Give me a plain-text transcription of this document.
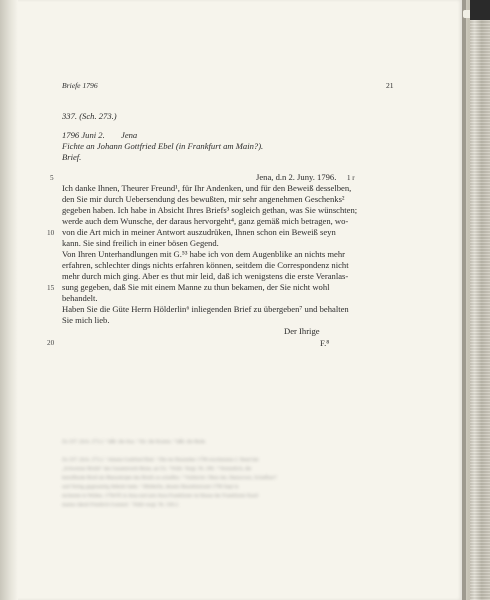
Briefe 1796	21
337. (Sch. 273.)
1796 Juni 2. Jena
Fichte an Johann Gottfried Ebel (in Frankfurt am Main?).
Brief.
Jena, d.n 2. Juny. 1796. 1 r
Ich danke Ihnen, Theurer Freund¹, für Ihr Andenken, und für den Beweiß desselben,
den Sie mir durch Uebersendung des bewußten, mir sehr angenehmen Geschenks²
gegeben haben. Ich habe in Absicht Ihres Briefs³ sogleich gethan, was Sie wünschten;
werde auch dem Wunsche, der daraus hervorgeht⁴, ganz gemäß mich betragen, wo-
von die Art mich in meiner Antwort auszudrüken, Ihnen schon ein Beweiß seyn
kann. Sie sind freilich in einer bösen Gegend.
Von Ihren Unterhandlungen mit G.⁵³ habe ich von dem Augenblike an nichts mehr
erfahren, schlechter dings nichts erfahren können, seitdem die Correspondenz nicht
mehr durch mich ging. Aber es thut mir leid, daß ich wenigstens die erste Veranlas-
sung gegeben, daß Sie mit einem Manne zu thun bekamen, der Sie nicht wohl
behandelt.
Haben Sie die Güte Herrn Hölderlin⁶ inliegenden Brief zu übergeben⁷ und behalten
Sie mich lieb.
Der Ihrige
F.⁸
5
10
15
20
Zu 337. (Sch. 273.): ¹ läßt: die Aus. ² für: die Kosten. ³ läßt: die Rede.
Zu 337. (Sch. 273.): ¹ Johann Gottfried Ebel. ² Die im Dezember 1796 erschienene 2. Band der
„Schweizer Briefe“ des Gesamtwerk Reise, an Ch. ³ Fehlt. Vergl. Nr. 266. ⁴ Vermutlich, die
betreffende Brief als Manuskripte des Briefs zu schaffen. ⁵ Vielleicht: Oben der, Hannovers, Schaffner?
und Verlag gegenseitig Abkehr hatte. ⁶ Hölderlin, dessen Hauslehrerzeit 1796 Sept in
mchemte in Weiber, 1794/95 in Jena und sein Anra Frankfurter ist Hause der Frankfurter Kauf-
manns Jakob Friedrich Gontard. ⁷ Fehlt vergl. Nr. 336.2.
